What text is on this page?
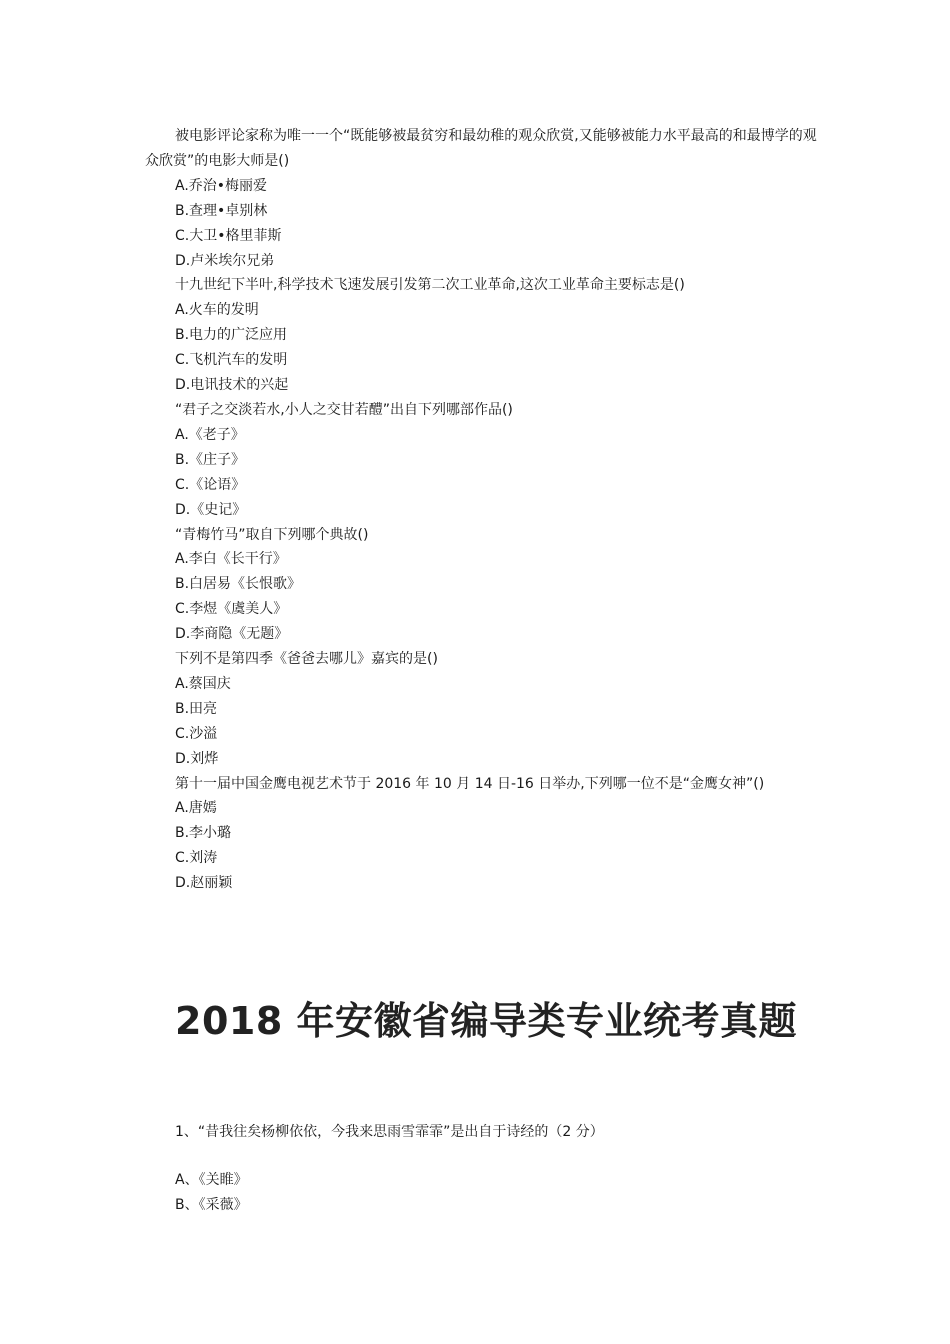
被电影评论家称为唯一一个“既能够被最贫穷和最幼稚的观众欣赏,又能够被能力水平最高的和最博学的观众欣赏”的电影大师是()
A.乔治•梅丽爱
B.查理•卓别林
C.大卫•格里菲斯
D.卢米埃尔兄弟
十九世纪下半叶,科学技术飞速发展引发第二次工业革命,这次工业革命主要标志是()
A.火车的发明
B.电力的广泛应用
C.飞机汽车的发明
D.电讯技术的兴起
“君子之交淡若水,小人之交甘若醴”出自下列哪部作品()
A.《老子》
B.《庄子》
C.《论语》
D.《史记》
“青梅竹马”取自下列哪个典故()
A.李白《长干行》
B.白居易《长恨歌》
C.李煜《虞美人》
D.李商隐《无题》
下列不是第四季《爸爸去哪儿》嘉宾的是()
A.蔡国庆
B.田亮
C.沙溢
D.刘烨
第十一届中国金鹰电视艺术节于 2016 年 10 月 14 日-16 日举办,下列哪一位不是“金鹰女神”()
A.唐嫣
B.李小璐
C.刘涛
D.赵丽颖
2018 年安徽省编导类专业统考真题
1、“昔我往矣杨柳依依，今我来思雨雪霏霏”是出自于诗经的（2 分）
A、《关睢》
B、《采薇》
